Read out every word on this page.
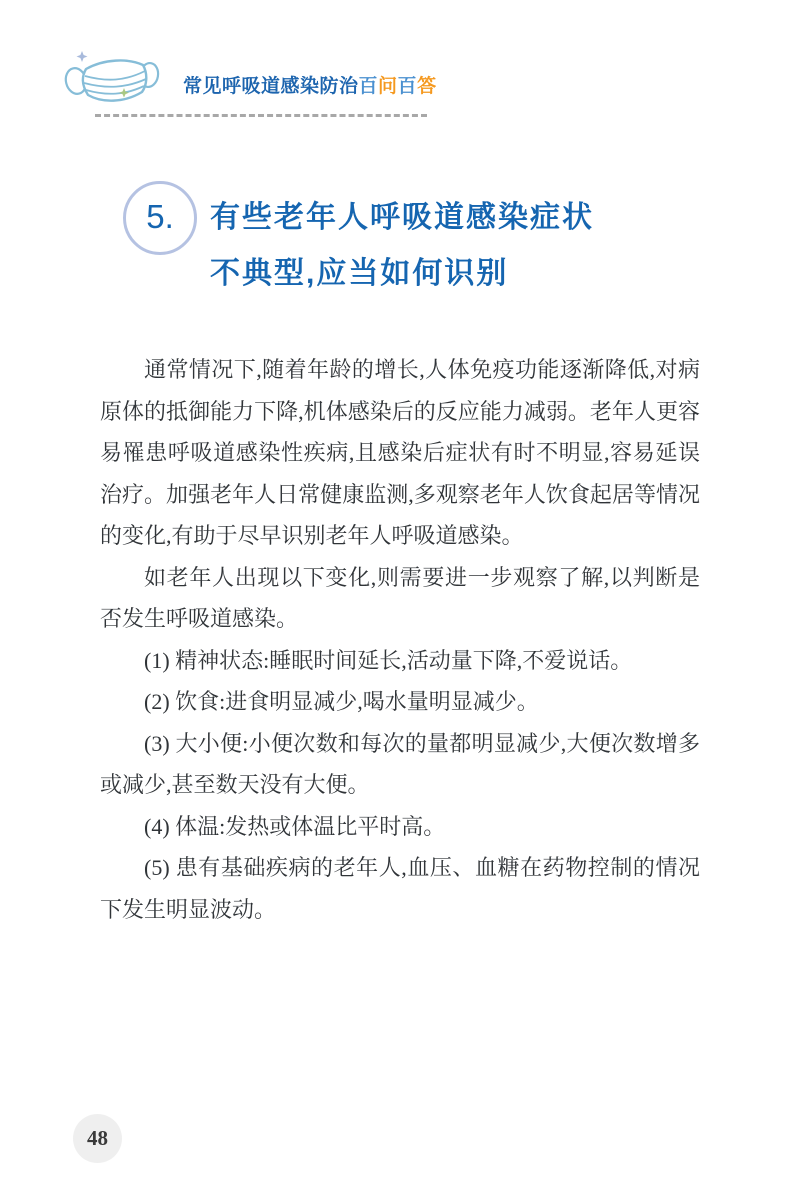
常见呼吸道感染防治百问百答
5. 有些老年人呼吸道感染症状
不典型,应当如何识别

通常情况下,随着年龄的增长,人体免疫功能逐渐降低,对病原体的抵御能力下降,机体感染后的反应能力减弱。老年人更容易罹患呼吸道感染性疾病,且感染后症状有时不明显,容易延误治疗。加强老年人日常健康监测,多观察老年人饮食起居等情况的变化,有助于尽早识别老年人呼吸道感染。

如老年人出现以下变化,则需要进一步观察了解,以判断是否发生呼吸道感染。

(1) 精神状态:睡眠时间延长,活动量下降,不爱说话。

(2) 饮食:进食明显减少,喝水量明显减少。

(3) 大小便:小便次数和每次的量都明显减少,大便次数增多或减少,甚至数天没有大便。

(4) 体温:发热或体温比平时高。

(5) 患有基础疾病的老年人,血压、血糖在药物控制的情况下发生明显波动。

48
